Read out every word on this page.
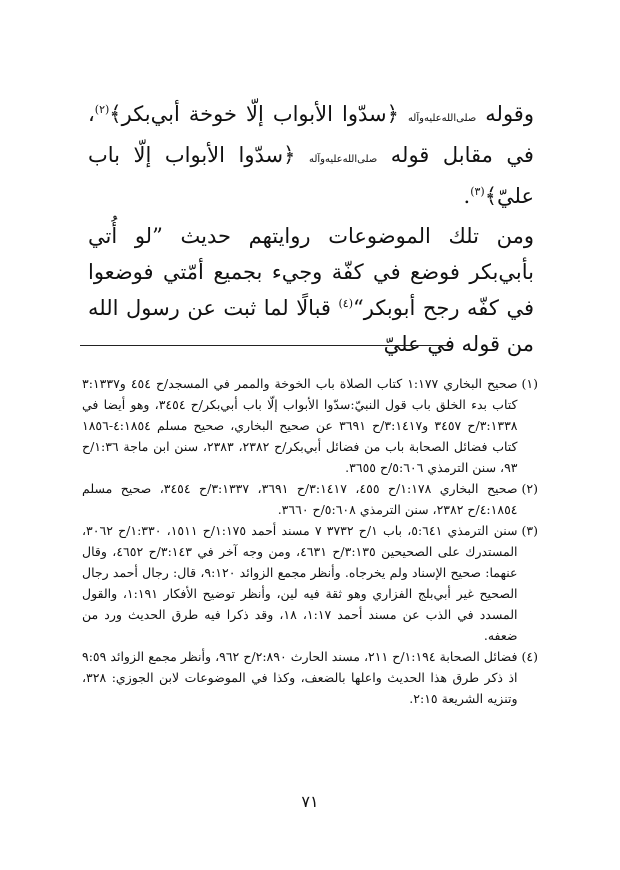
وقوله صلى‌الله‌عليه‌وآله ﴿سدّوا الأبواب إلّا خوخة أبي‌بكر﴾$^{(٢)}$، في مقابل قوله صلى‌الله‌عليه‌وآله ﴿سدّوا الأبواب إلّا باب عليّ﴾$^{(٣)}$.

ومن تلك الموضوعات روايتهم حديث ”لو أُتي بأبي‌بكر فوضع في كفّة وجيء بجميع أمّتي فوضعوا في كفّه رجح أبوبكر“$^{(٤)}$ قبالًا لما ثبت عن رسول الله من قوله في عليّ

(١)
صحيح البخاري ١:١٧٧ كتاب الصلاة باب الخوخة والممر في المسجد/ح ٤٥٤ و٣:١٣٣٧ كتاب بدء الخلق باب قول النبيّ:سدّوا الأبواب إلّا باب أبي‌بكر/ح ٣٤٥٤، وهو أيضا في ٣:١٣٣٨/ح ٣٤٥٧ و٣:١٤١٧/ح ٣٦٩١ عن صحيح البخاري، صحيح مسلم ٤:١٨٥٤-١٨٥٦ كتاب فضائل الصحابة باب من فضائل أبي‌بكر/ح ٢٣٨٢، ٢٣٨٣، سنن ابن ماجة ١:٣٦/ح ٩٣، سنن الترمذي ٥:٦٠٦/ح ٣٦٥٥.
(٢)
صحيح البخاري ١:١٧٨/ح ٤٥٥، ٣:١٤١٧/ح ٣٦٩١، ٣:١٣٣٧/ح ٣٤٥٤، صحيح مسلم ٤:١٨٥٤/ح ٢٣٨٢، سنن الترمذي ٥:٦٠٨/ح ٣٦٦٠.
(٣)
سنن الترمذي ٥:٦٤١، باب ١/ح ٣٧٣٢ ٧ مسند أحمد ١:١٧٥/ح ١٥١١، ١:٣٣٠/ح ٣٠٦٢، المستدرك على الصحيحين ٣:١٣٥/ح ٤٦٣١، ومن وجه آخر في ٣:١٤٣/ح ٤٦٥٢، وقال عنهما: صحيح الإسناد ولم يخرجاه. وأنظر مجمع الزوائد ٩:١٢٠، قال: رجال أحمد رجال الصحيح غير أبي‌بلج الفزاري وهو ثقة فيه لين، وأنظر توضيح الأفكار ١:١٩١، والقول المسدد في الذب عن مسند أحمد ١:١٧، ١٨، وقد ذكرا فيه طرق الحديث ورد من ضعفه.
(٤)
فضائل الصحابة ١:١٩٤/ح ٢١١، مسند الحارث ٢:٨٩٠/ح ٩٦٢، وأنظر مجمع الزوائد ٩:٥٩ اذ ذكر طرق هذا الحديث واعلها بالضعف، وكذا في الموضوعات لابن الجوزي: ٣٢٨، وتنزيه الشريعة ٢:١٥.
٧١
